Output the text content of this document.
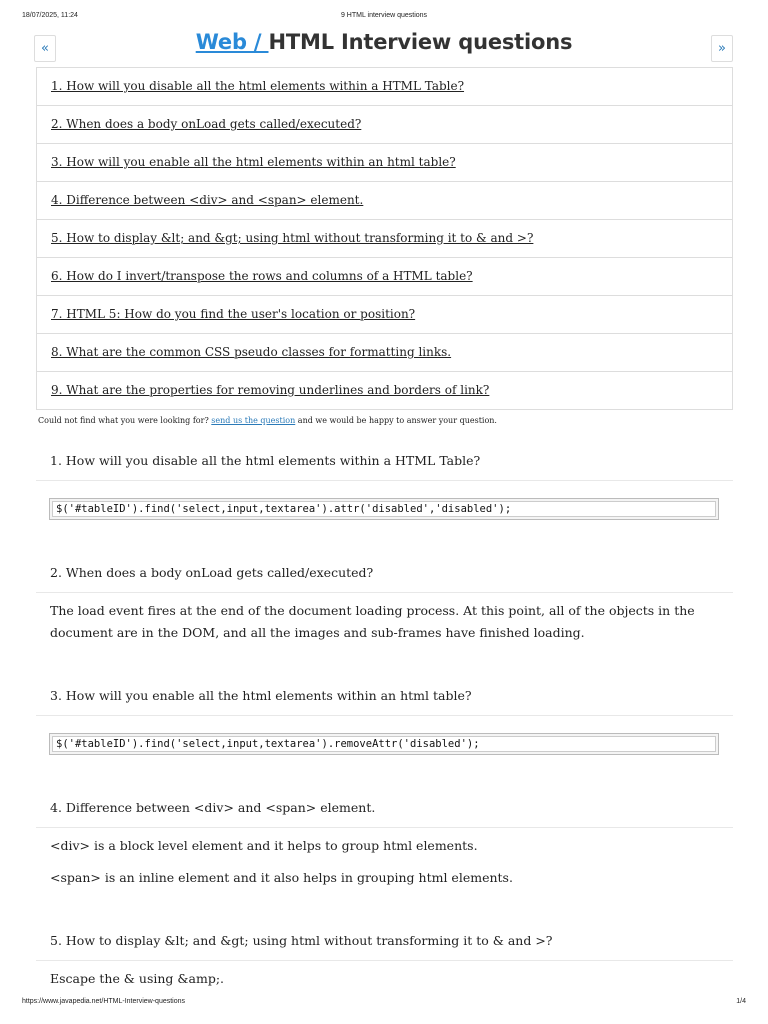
18/07/2025, 11:24	9 HTML interview questions
«	»
Web / HTML Interview questions
1. How will you disable all the html elements within a HTML Table?
2. When does a body onLoad gets called/executed?
3. How will you enable all the html elements within an html table?
4. Difference between <div> and <span> element.
5. How to display &lt; and &gt; using html without transforming it to & and >?
6. How do I invert/transpose the rows and columns of a HTML table?
7. HTML 5: How do you find the user's location or position?
8. What are the common CSS pseudo classes for formatting links.
9. What are the properties for removing underlines and borders of link?
Could not find what you were looking for? send us the question and we would be happy to answer your question.
1. How will you disable all the html elements within a HTML Table?
$('#tableID').find('select,input,textarea').attr('disabled','disabled');
2. When does a body onLoad gets called/executed?
The load event fires at the end of the document loading process. At this point, all of the objects in the document are in the DOM, and all the images and sub-frames have finished loading.
3. How will you enable all the html elements within an html table?
$('#tableID').find('select,input,textarea').removeAttr('disabled');
4. Difference between <div> and <span> element.
<div> is a block level element and it helps to group html elements.
<span> is an inline element and it also helps in grouping html elements.
5. How to display &lt; and &gt; using html without transforming it to & and >?
Escape the & using &amp;.
https://www.javapedia.net/HTML-Interview-questions	1/4
